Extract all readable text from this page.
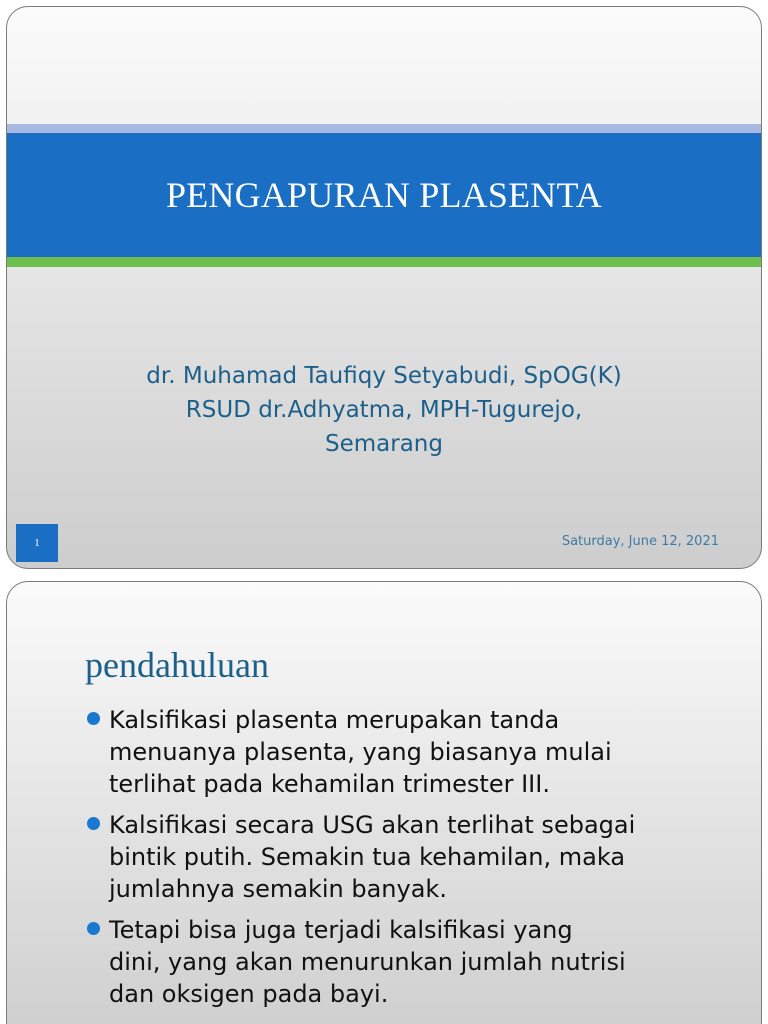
PENGAPURAN PLASENTA
dr. Muhamad Taufiqy Setyabudi, SpOG(K)
RSUD dr.Adhyatma, MPH-Tugurejo,
Semarang
1	Saturday, June 12, 2021
pendahuluan
Kalsifikasi plasenta merupakan tanda
menuanya plasenta, yang biasanya mulai
terlihat pada kehamilan trimester III.
Kalsifikasi secara USG akan terlihat sebagai
bintik putih. Semakin tua kehamilan, maka
jumlahnya semakin banyak.
Tetapi bisa juga terjadi kalsifikasi yang
dini, yang akan menurunkan jumlah nutrisi
dan oksigen pada bayi.
